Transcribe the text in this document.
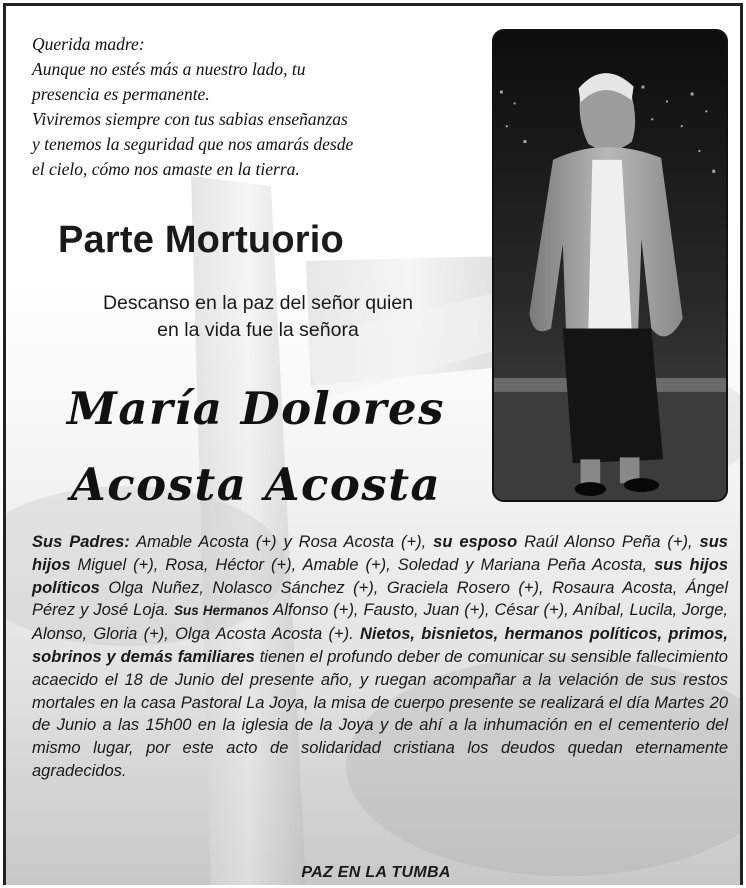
Querida madre:
Aunque no estés más a nuestro lado, tu
presencia es permanente.
Viviremos siempre con tus sabias enseñanzas
y tenemos la seguridad que nos amarás desde
el cielo, cómo nos amaste en la tierra.

Parte Mortuorio
Descanso en la paz del señor quien
en la vida fue la señora
María Dolores
Acosta Acosta

Sus Padres: Amable Acosta (+) y Rosa Acosta (+), su esposo Raúl Alonso Peña (+), sus hijos Miguel (+), Rosa, Héctor (+), Amable (+), Soledad y Mariana Peña Acosta, sus hijos políticos Olga Nuñez, Nolasco Sánchez (+), Graciela Rosero (+), Rosaura Acosta, Ángel Pérez y José Loja. Sus Hermanos Alfonso (+), Fausto, Juan (+), César (+), Aníbal, Lucila, Jorge, Alonso, Gloria (+), Olga Acosta Acosta (+). Nietos, bisnietos, hermanos políticos, primos, sobrinos y demás familiares tienen el profundo deber de comunicar su sensible fallecimiento acaecido el 18 de Junio del presente año, y ruegan acompañar a la velación de sus restos mortales en la casa Pastoral La Joya, la misa de cuerpo presente se realizará el día Martes 20 de Junio a las 15h00 en la iglesia de la Joya y de ahí a la inhumación en el cementerio del mismo lugar, por este acto de solidaridad cristiana los deudos quedan eternamente agradecidos.

PAZ EN LA TUMBA
